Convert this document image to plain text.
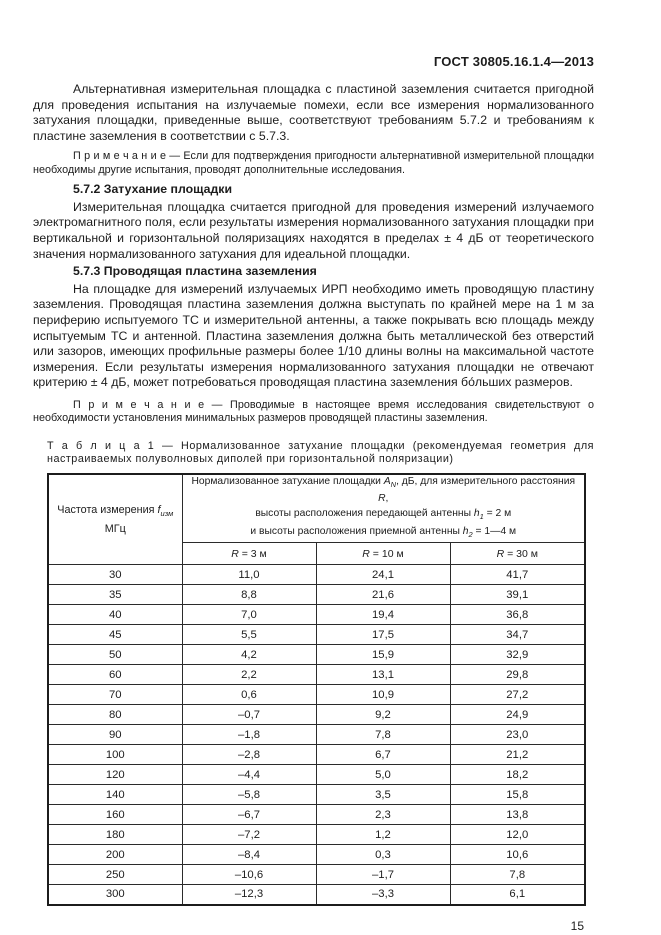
ГОСТ 30805.16.1.4—2013

Альтернативная измерительная площадка с пластиной заземления считается пригодной для проведения испытания на излучаемые помехи, если все измерения нормализованного затухания площадки, приведенные выше, соответствуют требованиям 5.7.2 и требованиям к пластине заземления в соответствии с 5.7.3.

П р и м е ч а н и е — Если для подтверждения пригодности альтернативной измерительной площадки необходимы другие испытания, проводят дополнительные исследования.

5.7.2 Затухание площадки

Измерительная площадка считается пригодной для проведения измерений излучаемого электромагнитного поля, если результаты измерения нормализованного затухания площадки при вертикальной и горизонтальной поляризациях находятся в пределах ± 4 дБ от теоретического значения нормализованного затухания для идеальной площадки.

5.7.3 Проводящая пластина заземления

На площадке для измерений излучаемых ИРП необходимо иметь проводящую пластину заземления. Проводящая пластина заземления должна выступать по крайней мере на 1 м за периферию испытуемого ТС и измерительной антенны, а также покрывать всю площадь между испытуемым ТС и антенной. Пластина заземления должна быть металлической без отверстий или зазоров, имеющих профильные размеры более 1/10 длины волны на максимальной частоте измерения. Если результаты измерения нормализованного затухания площадки не отвечают критерию ± 4 дБ, может потребоваться проводящая пластина заземления бо́льших размеров.

П р и м е ч а н и е — Проводимые в настоящее время исследования свидетельствуют о необходимости установления минимальных размеров проводящей пластины заземления.

Т а б л и ц а 1 — Нормализованное затухание площадки (рекомендуемая геометрия для настраиваемых полуволновых диполей при горизонтальной поляризации)

Частота измерения $f_{изм}$
МГц	Нормализованное затухание площадки $A_N$, дБ, для измерительного расстояния R,
высоты расположения передающей антенны $h_1 = 2$ м
и высоты расположения приемной антенны $h_2$ = 1—4 м		
	R = 3 м	R = 10 м	R = 30 м
30	11,0	24,1	41,7
35	8,8	21,6	39,1
40	7,0	19,4	36,8
45	5,5	17,5	34,7
50	4,2	15,9	32,9
60	2,2	13,1	29,8
70	0,6	10,9	27,2
80	–0,7	9,2	24,9
90	–1,8	7,8	23,0
100	–2,8	6,7	21,2
120	–4,4	5,0	18,2
140	–5,8	3,5	15,8
160	–6,7	2,3	13,8
180	–7,2	1,2	12,0
200	–8,4	0,3	10,6
250	–10,6	–1,7	7,8
300	–12,3	–3,3	6,1
15
